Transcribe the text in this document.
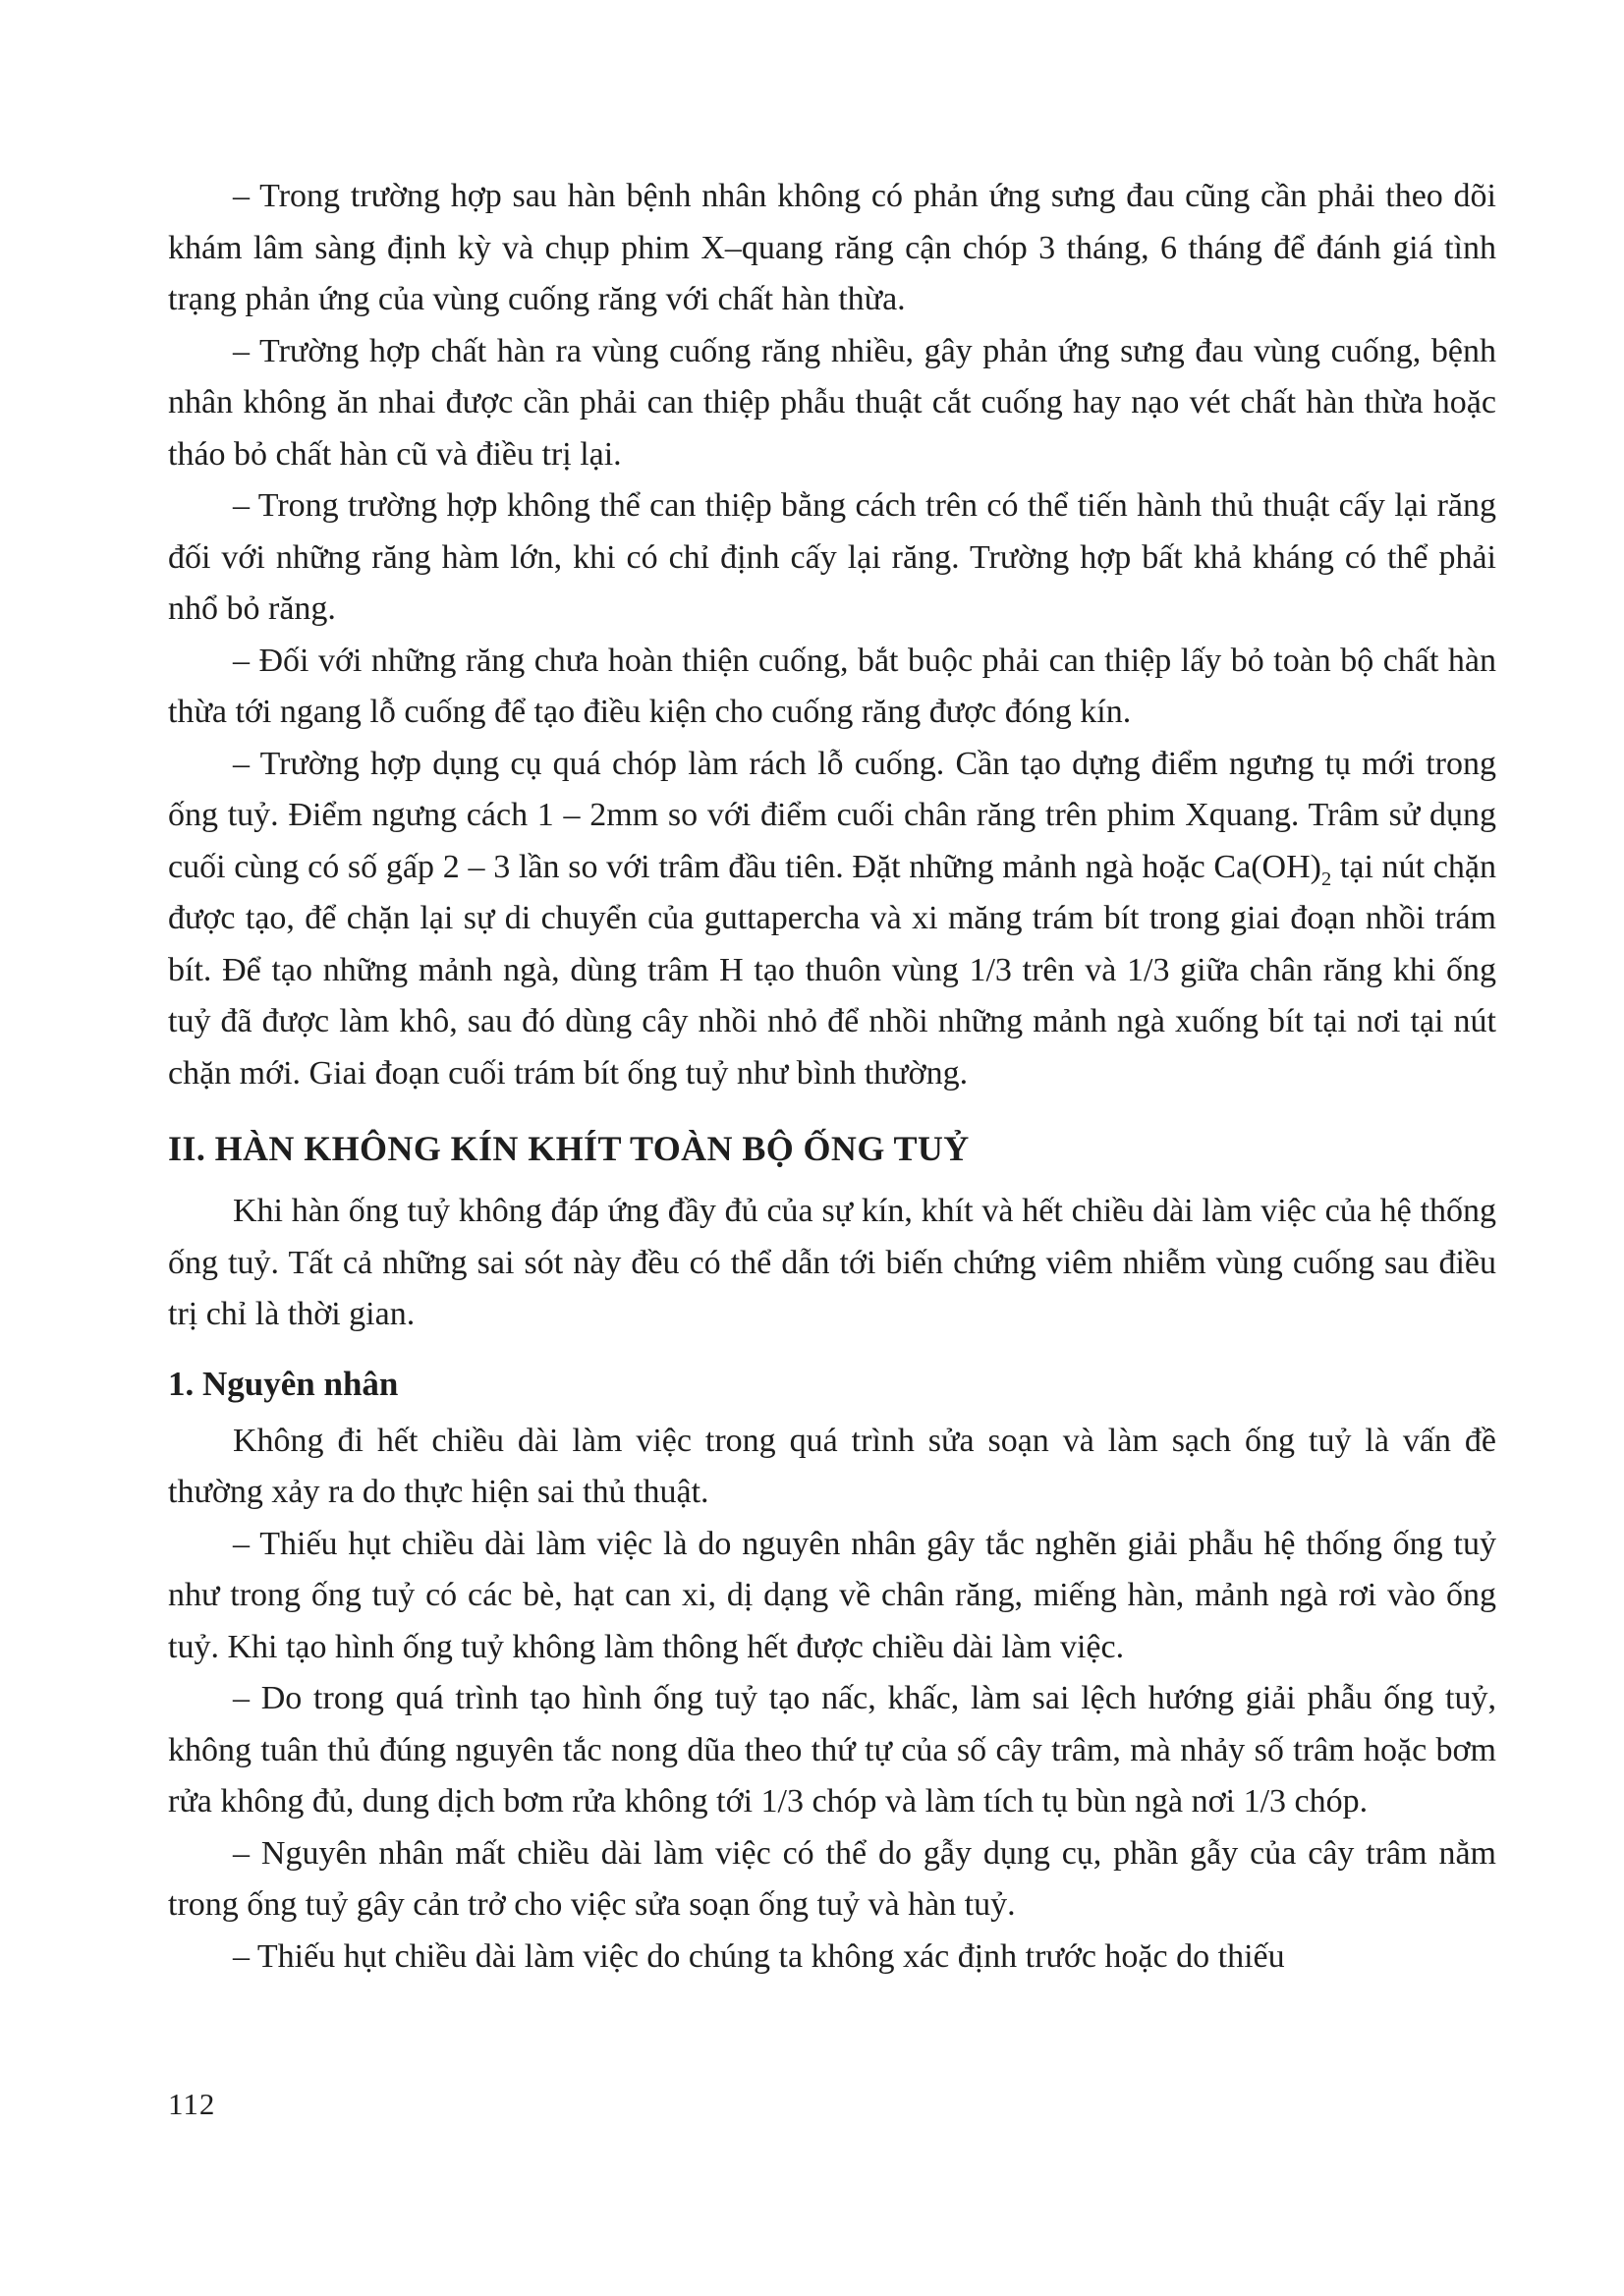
– Trong trường hợp sau hàn bệnh nhân không có phản ứng sưng đau cũng cần phải theo dõi khám lâm sàng định kỳ và chụp phim X–quang răng cận chóp 3 tháng, 6 tháng để đánh giá tình trạng phản ứng của vùng cuống răng với chất hàn thừa.

– Trường hợp chất hàn ra vùng cuống răng nhiều, gây phản ứng sưng đau vùng cuống, bệnh nhân không ăn nhai được cần phải can thiệp phẫu thuật cắt cuống hay nạo vét chất hàn thừa hoặc tháo bỏ chất hàn cũ và điều trị lại.

– Trong trường hợp không thể can thiệp bằng cách trên có thể tiến hành thủ thuật cấy lại răng đối với những răng hàm lớn, khi có chỉ định cấy lại răng. Trường hợp bất khả kháng có thể phải nhổ bỏ răng.

– Đối với những răng chưa hoàn thiện cuống, bắt buộc phải can thiệp lấy bỏ toàn bộ chất hàn thừa tới ngang lỗ cuống để tạo điều kiện cho cuống răng được đóng kín.

– Trường hợp dụng cụ quá chóp làm rách lỗ cuống. Cần tạo dựng điểm ngưng tụ mới trong ống tuỷ. Điểm ngưng cách 1 – 2mm so với điểm cuối chân răng trên phim Xquang. Trâm sử dụng cuối cùng có số gấp 2 – 3 lần so với trâm đầu tiên. Đặt những mảnh ngà hoặc $Ca(OH)_2$ tại nút chặn được tạo, để chặn lại sự di chuyển của guttapercha và xi măng trám bít trong giai đoạn nhồi trám bít. Để tạo những mảnh ngà, dùng trâm H tạo thuôn vùng 1/3 trên và 1/3 giữa chân răng khi ống tuỷ đã được làm khô, sau đó dùng cây nhồi nhỏ để nhồi những mảnh ngà xuống bít tại nơi tại nút chặn mới. Giai đoạn cuối trám bít ống tuỷ như bình thường.

II. HÀN KHÔNG KÍN KHÍT TOÀN BỘ ỐNG TUỶ

Khi hàn ống tuỷ không đáp ứng đầy đủ của sự kín, khít và hết chiều dài làm việc của hệ thống ống tuỷ. Tất cả những sai sót này đều có thể dẫn tới biến chứng viêm nhiễm vùng cuống sau điều trị chỉ là thời gian.

1. Nguyên nhân

Không đi hết chiều dài làm việc trong quá trình sửa soạn và làm sạch ống tuỷ là vấn đề thường xảy ra do thực hiện sai thủ thuật.

– Thiếu hụt chiều dài làm việc là do nguyên nhân gây tắc nghẽn giải phẫu hệ thống ống tuỷ như trong ống tuỷ có các bè, hạt can xi, dị dạng về chân răng, miếng hàn, mảnh ngà rơi vào ống tuỷ. Khi tạo hình ống tuỷ không làm thông hết được chiều dài làm việc.

– Do trong quá trình tạo hình ống tuỷ tạo nấc, khấc, làm sai lệch hướng giải phẫu ống tuỷ, không tuân thủ đúng nguyên tắc nong dũa theo thứ tự của số cây trâm, mà nhảy số trâm hoặc bơm rửa không đủ, dung dịch bơm rửa không tới 1/3 chóp và làm tích tụ bùn ngà nơi 1/3 chóp.

– Nguyên nhân mất chiều dài làm việc có thể do gẫy dụng cụ, phần gẫy của cây trâm nằm trong ống tuỷ gây cản trở cho việc sửa soạn ống tuỷ và hàn tuỷ.

– Thiếu hụt chiều dài làm việc do chúng ta không xác định trước hoặc do thiếu

112
